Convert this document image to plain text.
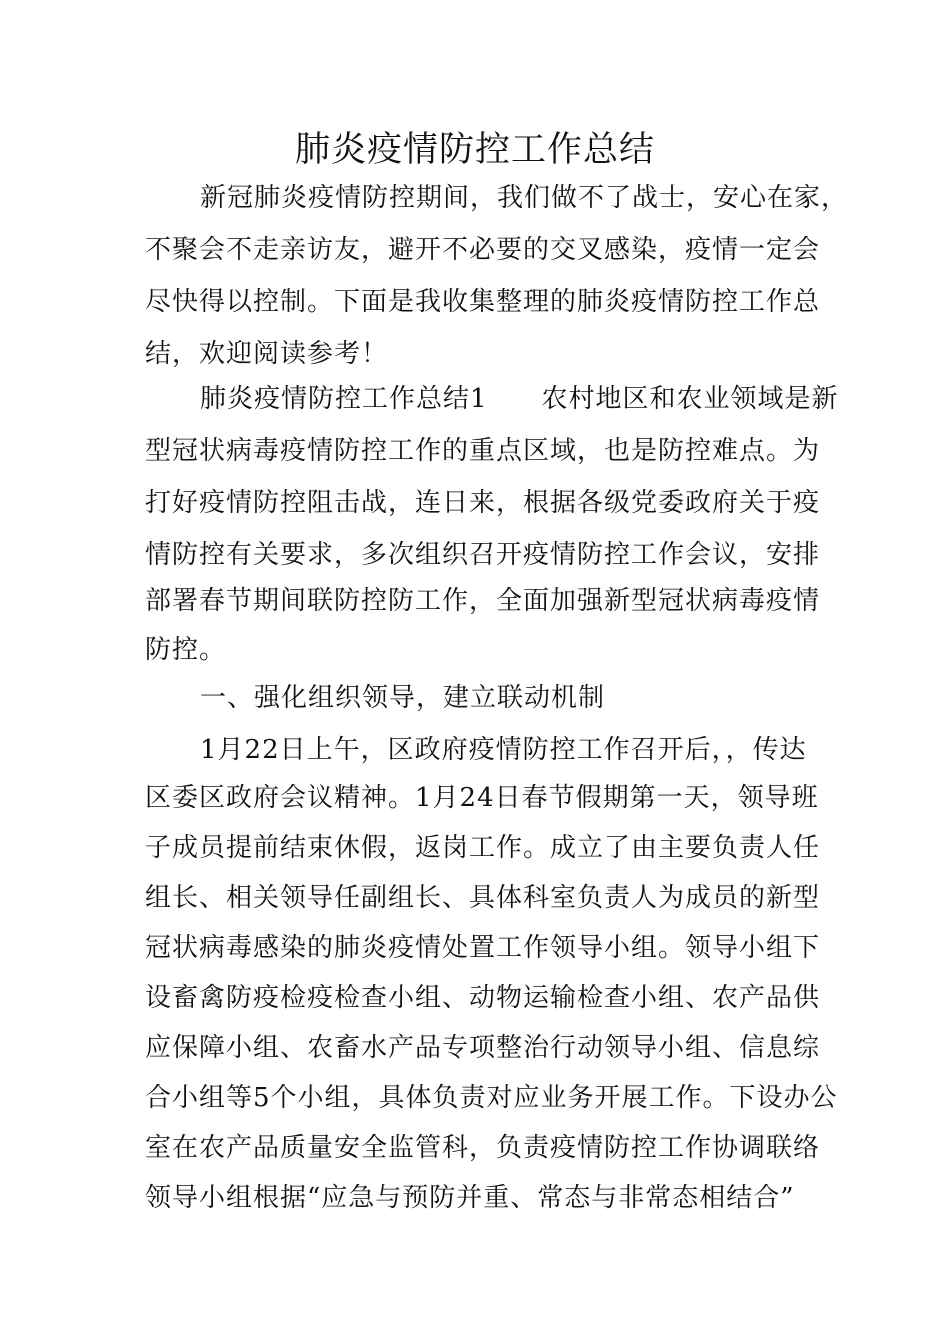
肺炎疫情防控工作总结
新冠肺炎疫情防控期间，我们做不了战士，安心在家，
不聚会不走亲访友，避开不必要的交叉感染，疫情一定会
尽快得以控制。下面是我收集整理的肺炎疫情防控工作总
结，欢迎阅读参考！
肺炎疫情防控工作总结1　　农村地区和农业领域是新
型冠状病毒疫情防控工作的重点区域，也是防控难点。为
打好疫情防控阻击战，连日来，根据各级党委政府关于疫
情防控有关要求，多次组织召开疫情防控工作会议，安排
部署春节期间联防控防工作，全面加强新型冠状病毒疫情
防控。
一、强化组织领导，建立联动机制
1月22日上午，区政府疫情防控工作召开后，，传达
区委区政府会议精神。1月24日春节假期第一天，领导班
子成员提前结束休假，返岗工作。成立了由主要负责人任
组长、相关领导任副组长、具体科室负责人为成员的新型
冠状病毒感染的肺炎疫情处置工作领导小组。领导小组下
设畜禽防疫检疫检查小组、动物运输检查小组、农产品供
应保障小组、农畜水产品专项整治行动领导小组、信息综
合小组等5个小组，具体负责对应业务开展工作。下设办公
室在农产品质量安全监管科，负责疫情防控工作协调联络
领导小组根据“应急与预防并重、常态与非常态相结合”
